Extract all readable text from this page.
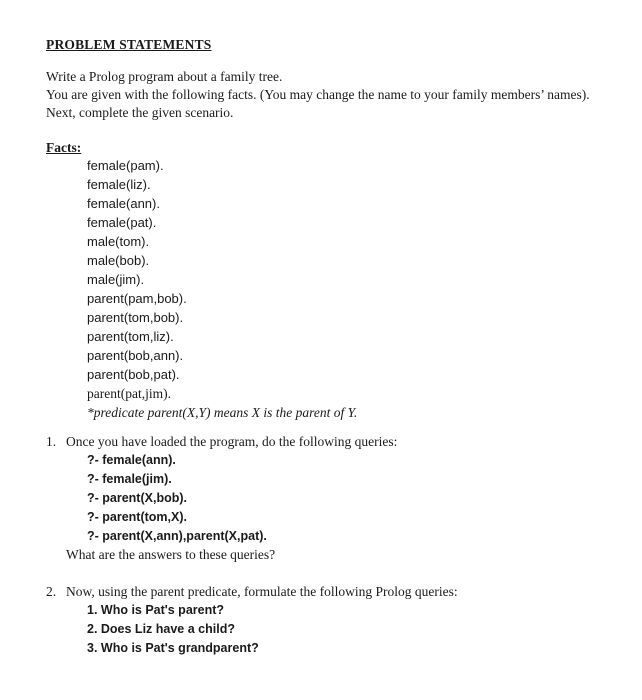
PROBLEM STATEMENTS
Write a Prolog program about a family tree.
You are given with the following facts. (You may change the name to your family members’ names).
Next, complete the given scenario.
Facts:
female(pam).
female(liz).
female(ann).
female(pat).
male(tom).
male(bob).
male(jim).
parent(pam,bob).
parent(tom,bob).
parent(tom,liz).
parent(bob,ann).
parent(bob,pat).
parent(pat,jim).
*predicate parent(X,Y) means X is the parent of Y.
1. Once you have loaded the program, do the following queries:
?- female(ann).
?- female(jim).
?- parent(X,bob).
?- parent(tom,X).
?- parent(X,ann),parent(X,pat).
What are the answers to these queries?
2. Now, using the parent predicate, formulate the following Prolog queries:
1. Who is Pat's parent?
2. Does Liz have a child?
3. Who is Pat's grandparent?
